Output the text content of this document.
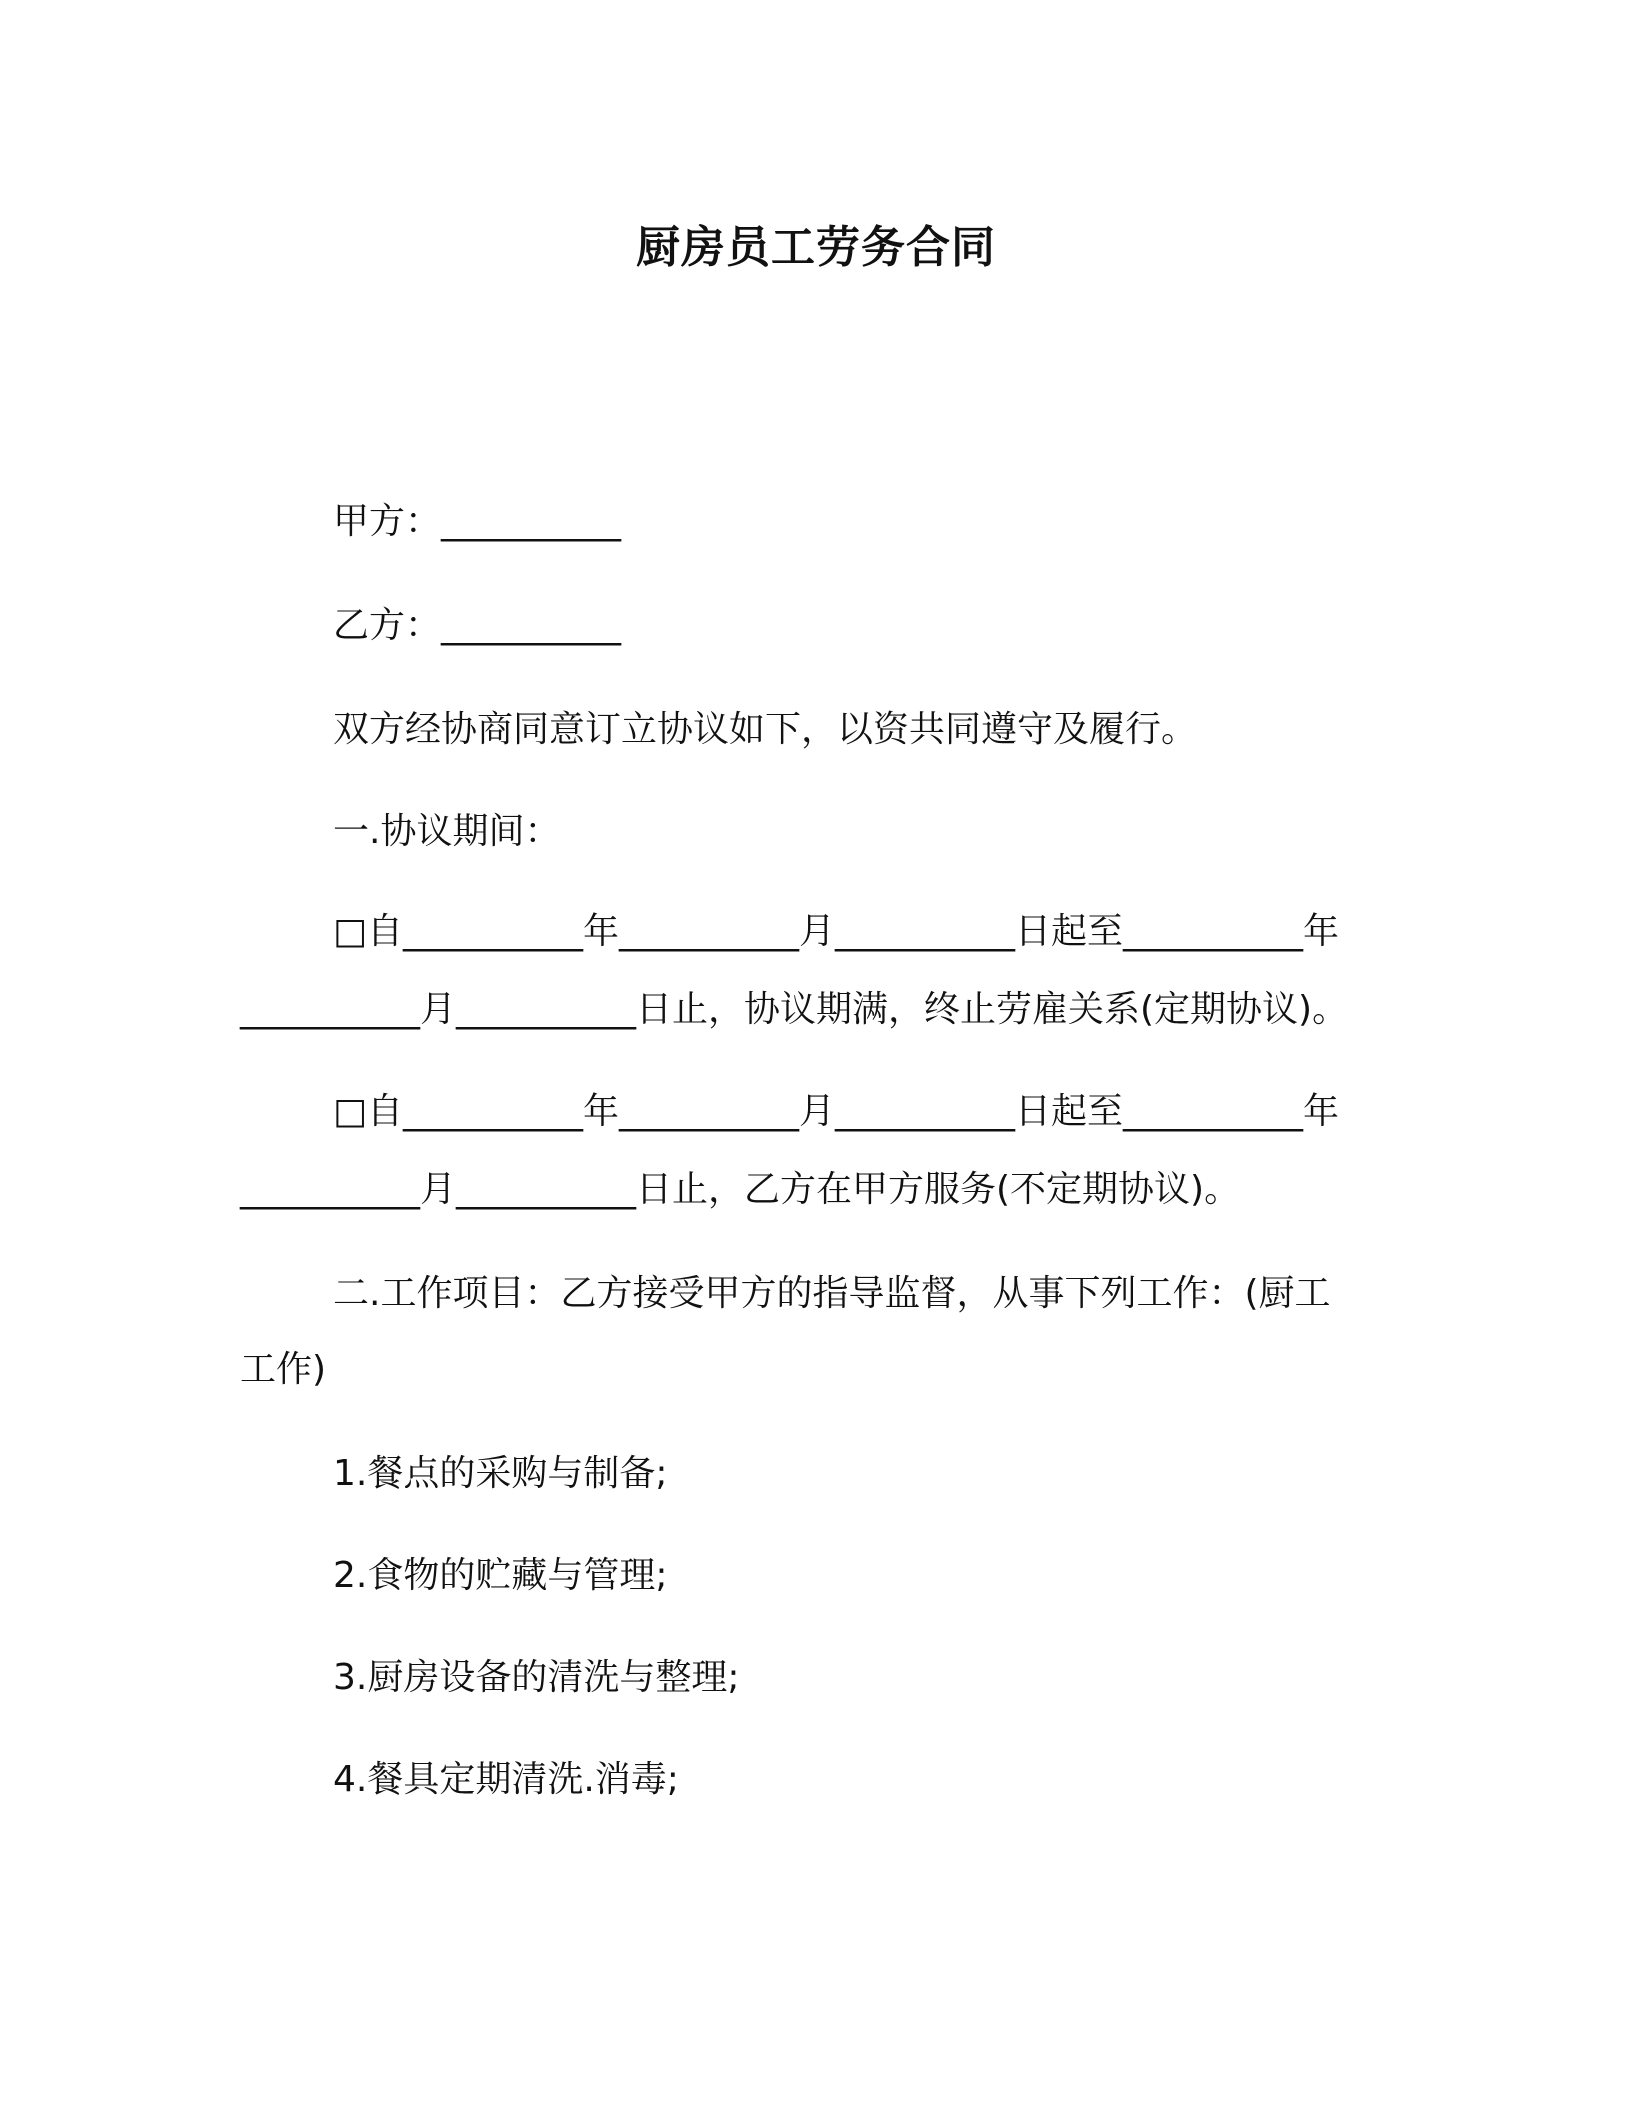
厨房员工劳务合同
甲方：__________
乙方：__________
双方经协商同意订立协议如下，以资共同遵守及履行。
一.协议期间：
□自__________年__________月__________日起至__________年
__________月__________日止，协议期满，终止劳雇关系(定期协议)。
□自__________年__________月__________日起至__________年
__________月__________日止，乙方在甲方服务(不定期协议)。
二.工作项目：乙方接受甲方的指导监督，从事下列工作：(厨工
工作)
1.餐点的采购与制备;
2.食物的贮藏与管理;
3.厨房设备的清洗与整理;
4.餐具定期清洗.消毒;
